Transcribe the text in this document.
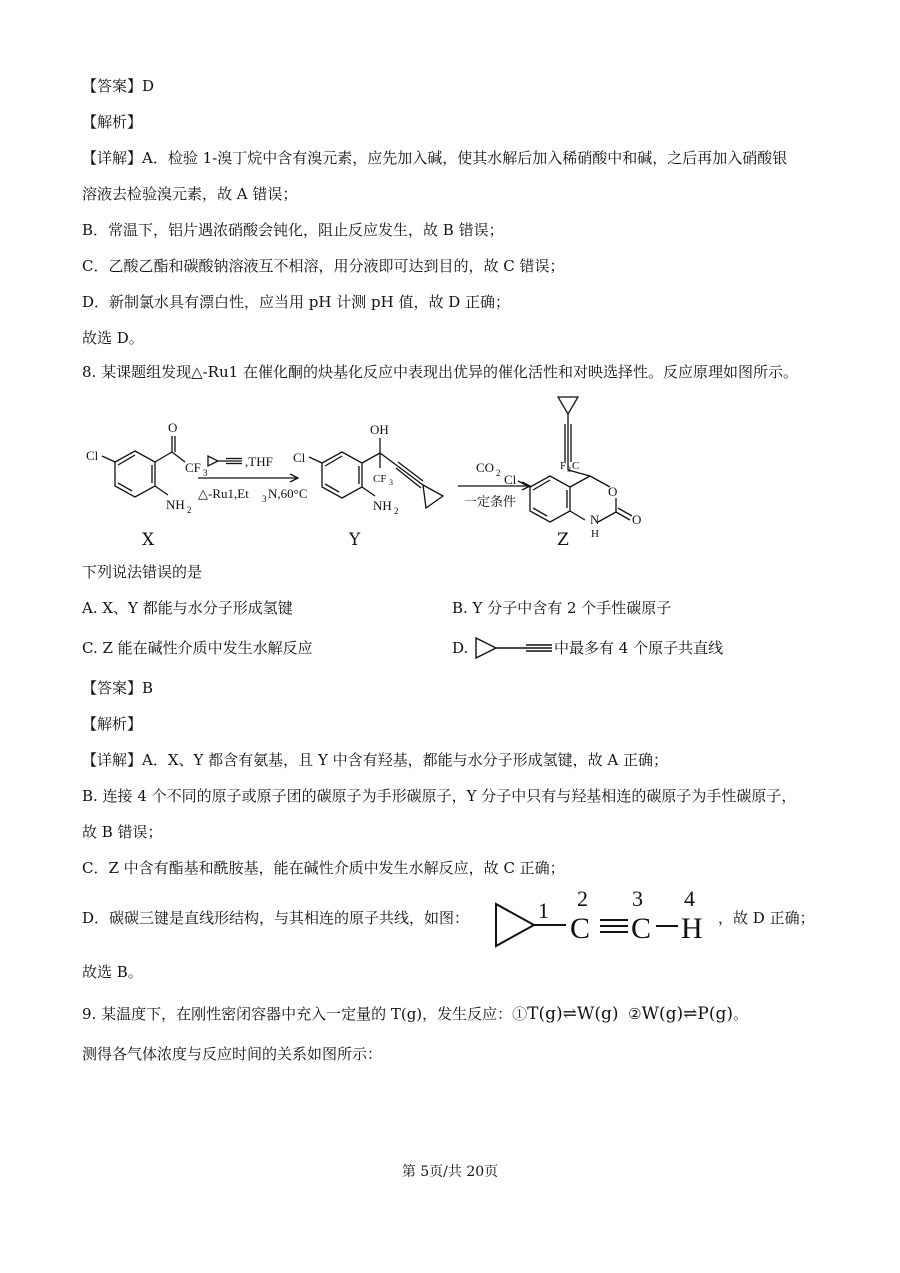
【答案】D
【解析】
【详解】A．检验 1-溴丁烷中含有溴元素，应先加入碱，使其水解后加入稀硝酸中和碱，之后再加入硝酸银
溶液去检验溴元素，故 A 错误；
B．常温下，铝片遇浓硝酸会钝化，阻止反应发生，故 B 错误；
C．乙酸乙酯和碳酸钠溶液互不相溶，用分液即可达到目的，故 C 错误；
D．新制氯水具有漂白性，应当用 pH 计测 pH 值，故 D 正确；
故选 D。
8. 某课题组发现△-Ru1 在催化酮的炔基化反应中表现出优异的催化活性和对映选择性。反应原理如图所示。
Cl
O
CF 3
NH 2
,THF
△-Ru1,Et 3 N,60°C
Cl
OH
CF 3
NH 2
CO 2
一定条件
Cl
F 3 C
O
N
H
O
X	Y	Z
下列说法错误的是
A. X、Y 都能与水分子形成氢键	B. Y 分子中含有 2 个手性碳原子
C. Z 能在碱性介质中发生水解反应	D.	中最多有 4 个原子共直线
【答案】B
【解析】
【详解】A．X、Y 都含有氨基，且 Y 中含有羟基，都能与水分子形成氢键，故 A 正确；
B. 连接 4 个不同的原子或原子团的碳原子为手形碳原子，Y 分子中只有与羟基相连的碳原子为手性碳原子，
故 B 错误；
C．Z 中含有酯基和酰胺基，能在碱性介质中发生水解反应，故 C 正确；
D．碳碳三键是直线形结构，与其相连的原子共线，如图：	1 2 3 4
C C H ，故 D 正确；
故选 B。
9. 某温度下，在刚性密闭容器中充入一定量的 T(g)，发生反应：①T(g)⇌W(g) ②W(g)⇌P(g)。
测得各气体浓度与反应时间的关系如图所示：
第 5页/共 20页
